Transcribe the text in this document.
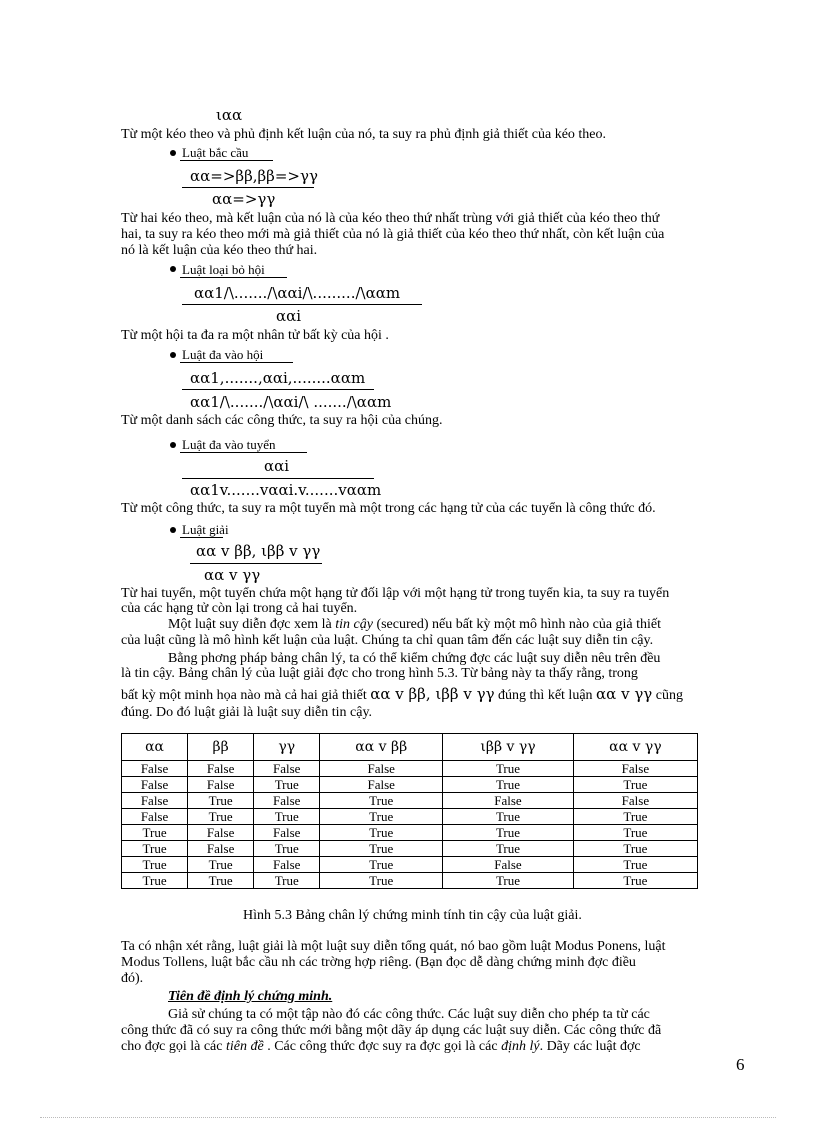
ιαα
Từ một kéo theo và phủ định kết luận của nó, ta suy ra phủ định giả thiết của kéo theo.
Luật bắc cầu
αα=>ββ,ββ=>γγ
αα=>γγ
Từ hai kéo theo, mà kết luận của nó là của kéo theo thứ nhất trùng với giả thiết của kéo theo thứ
hai, ta suy ra kéo theo mới mà giả thiết của nó là giả thiết của kéo theo thứ nhất, còn kết luận của
nó là kết luận của kéo theo thứ hai.
Luật loại bỏ hội
αα1/\......./\ααi/\........./\ααm
ααi
Từ một hội ta đa ra một nhân tử bất kỳ của hội .
Luật đa vào hội
αα1,.......,ααi,........ααm
αα1/\......./\ααi/\ ......./\ααm
Từ một danh sách các công thức, ta suy ra hội của chúng.
Luật đa vào tuyển
ααi
αα1v.......vααi.v.......vααm
Từ một công thức, ta suy ra một tuyển mà một trong các hạng tử của các tuyển là công thức đó.
Luật giải
αα v ββ, ιββ v γγ
αα v γγ
Từ hai tuyển, một tuyển chứa một hạng tử đối lập với một hạng tử trong tuyển kia, ta suy ra tuyển
của các hạng tử còn lại trong cả hai tuyển.
Một luật suy diễn đợc xem là tin cậy (secured) nếu bất kỳ một mô hình nào của giả thiết
của luật cũng là mô hình kết luận của luật. Chúng ta chỉ quan tâm đến các luật suy diễn tin cậy.
Bằng phơng pháp bảng chân lý, ta có thể kiểm chứng đợc các luật suy diễn nêu trên đều
là tin cậy. Bảng chân lý của luật giải đợc cho trong hình 5.3. Từ bảng này ta thấy rằng, trong
bất kỳ một minh họa nào mà cả hai giả thiết αα v ββ, ιββ v γγ đúng thì kết luận αα v γγ cũng
đúng. Do đó luật giải là luật suy diễn tin cậy.
αα	ββ	γγ	αα v ββ	ιββ v γγ	αα v γγ
False	False	False	False	True	False
False	False	True	False	True	True
False	True	False	True	False	False
False	True	True	True	True	True
True	False	False	True	True	True
True	False	True	True	True	True
True	True	False	True	False	True
True	True	True	True	True	True
Hình 5.3 Bảng chân lý chứng minh tính tin cậy của luật giải.
Ta có nhận xét rằng, luật giải là một luật suy diễn tổng quát, nó bao gồm luật Modus Ponens, luật
Modus Tollens, luật bắc cầu nh các trờng hợp riêng. (Bạn đọc dễ dàng chứng minh đợc điều
đó).
Tiên đề định lý chứng minh.
Giả sử chúng ta có một tập nào đó các công thức. Các luật suy diễn cho phép ta từ các
công thức đã có suy ra công thức mới bằng một dãy áp dụng các luật suy diễn. Các công thức đã
cho đợc gọi là các tiên đề . Các công thức đợc suy ra đợc gọi là các định lý. Dãy các luật đợc
6
